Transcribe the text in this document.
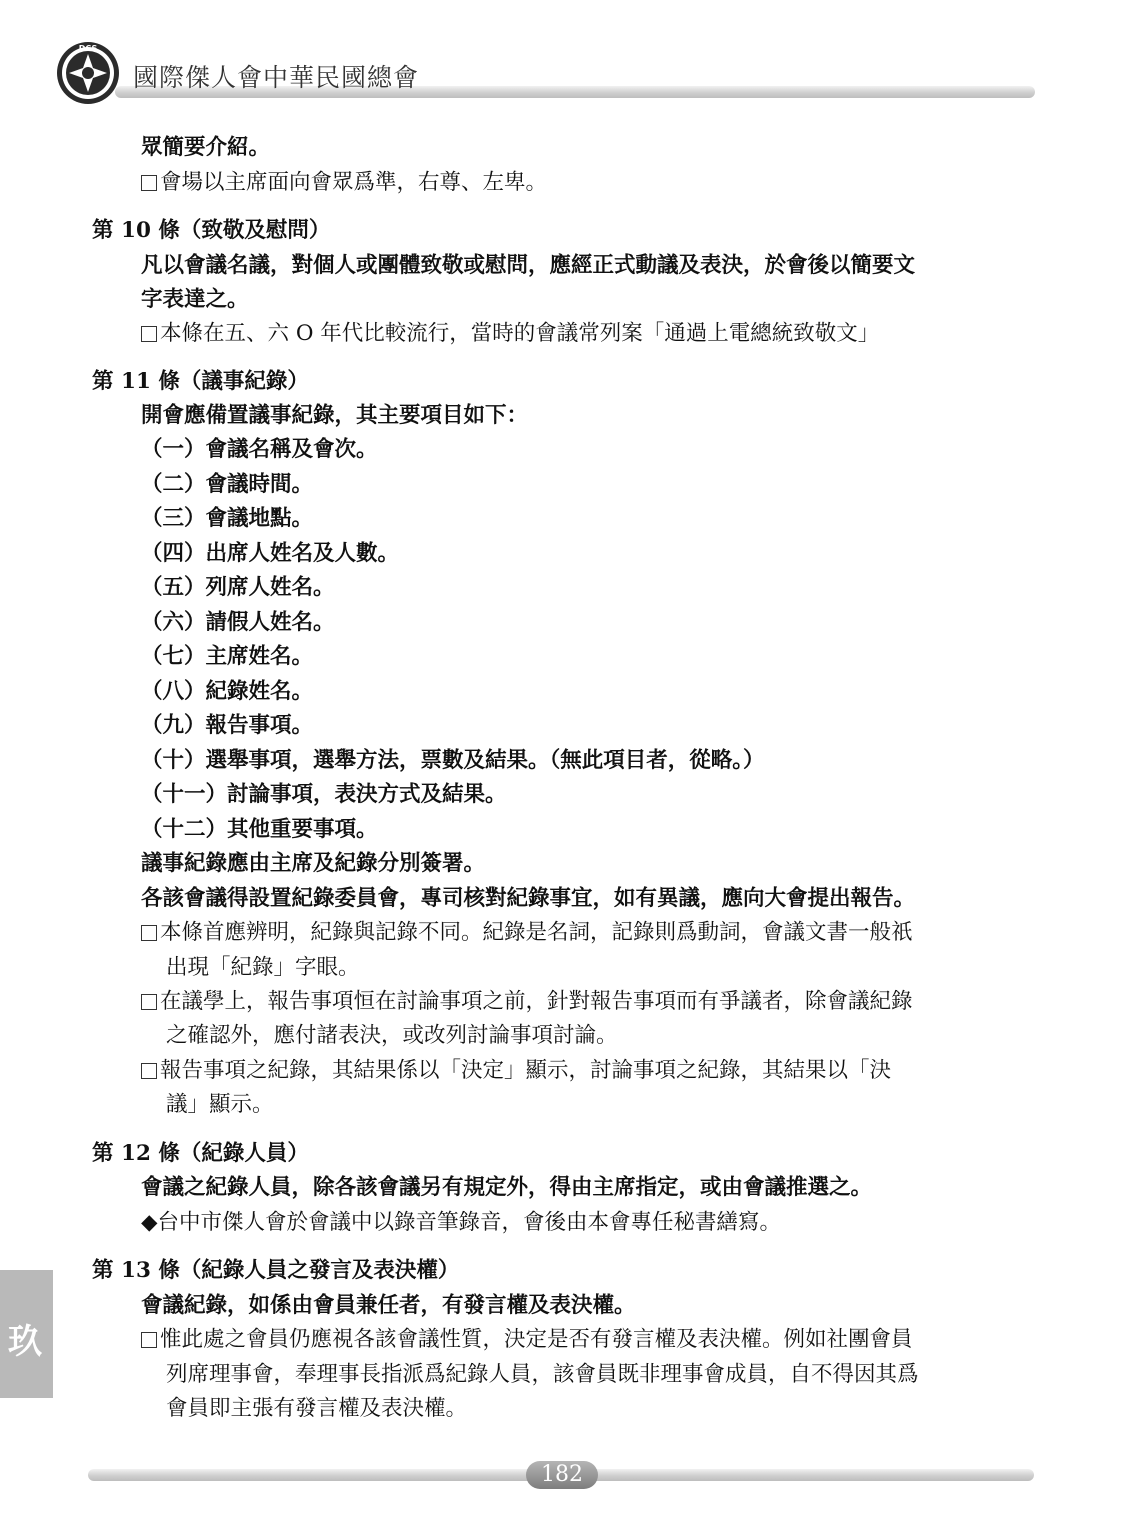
DCS
國際傑人會中華民國總會
眾簡要介紹。
會場以主席面向會眾爲準，右尊、左卑。
第 10 條（致敬及慰問）
凡以會議名議，對個人或團體致敬或慰問，應經正式動議及表決，於會後以簡要文
字表達之。
本條在五、六 O 年代比較流行，當時的會議常列案「通過上電總統致敬文」
第 11 條（議事紀錄）
開會應備置議事紀錄，其主要項目如下：
（一）會議名稱及會次。
（二）會議時間。
（三）會議地點。
（四）出席人姓名及人數。
（五）列席人姓名。
（六）請假人姓名。
（七）主席姓名。
（八）紀錄姓名。
（九）報告事項。
（十）選舉事項，選舉方法，票數及結果。（無此項目者，從略。）
（十一）討論事項，表決方式及結果。
（十二）其他重要事項。
議事紀錄應由主席及紀錄分別簽署。
各該會議得設置紀錄委員會，專司核對紀錄事宜，如有異議，應向大會提出報告。
本條首應辨明，紀錄與記錄不同。紀錄是名詞，記錄則爲動詞，會議文書一般祇
出現「紀錄」字眼。
在議學上，報告事項恒在討論事項之前，針對報告事項而有爭議者，除會議紀錄
之確認外，應付諸表決，或改列討論事項討論。
報告事項之紀錄，其結果係以「決定」顯示，討論事項之紀錄，其結果以「決
議」顯示。
第 12 條（紀錄人員）
會議之紀錄人員，除各該會議另有規定外，得由主席指定，或由會議推選之。
◆台中市傑人會於會議中以錄音筆錄音，會後由本會專任秘書繕寫。
第 13 條（紀錄人員之發言及表決權）
會議紀錄，如係由會員兼任者，有發言權及表決權。
惟此處之會員仍應視各該會議性質，決定是否有發言權及表決權。例如社團會員
列席理事會，奉理事長指派爲紀錄人員，該會員既非理事會成員，自不得因其爲
會員即主張有發言權及表決權。
玖
182
